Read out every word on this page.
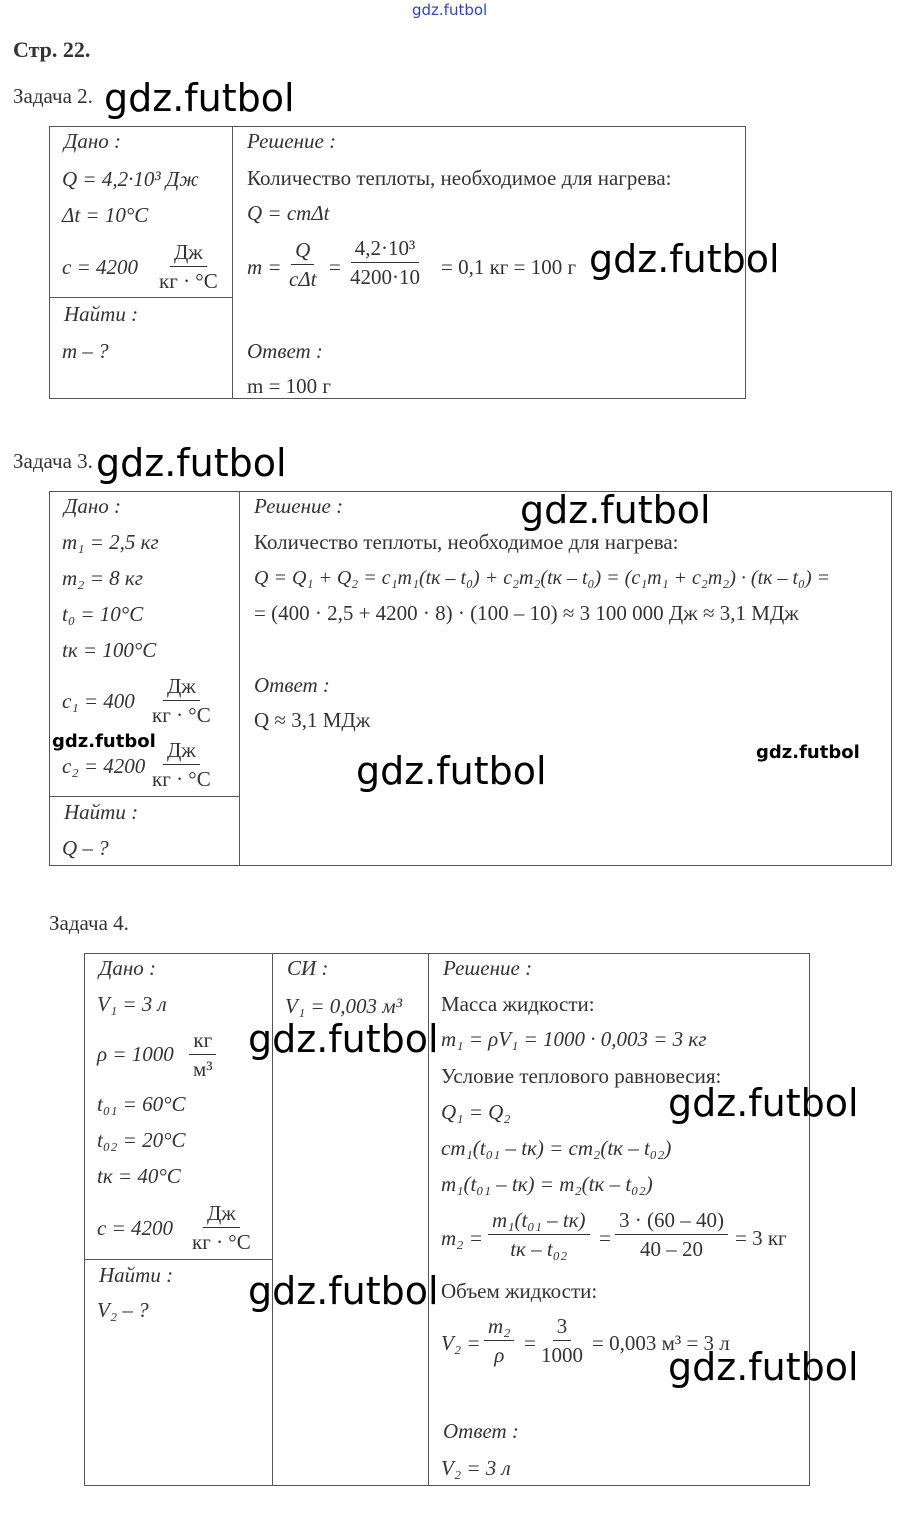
gdz.futbol
Стр. 22.
Задача 2. gdz.futbol
Дано :
Q = 4,2·10³ Дж
Δt = 10°C
c = 4200
Дж
кг · °C
Найти :
m – ?
Решение :
Количество теплоты, необходимое для нагрева:
Q = cmΔt
m =
Q
$c\Delta t = \frac{\text{4,2·10³}}{4200\cdot 10} = 0,1$ кг = 100 г gdz.futbol
Ответ :
m = 100 г
Задача 3. gdz.futbol
Дано :
m₁ = 2,5 кг
m₂ = 8 кг
t₀ = 10°C
tк = 100°C
c₁ = 400
Дж
кг · °C
gdz.futbol
c₂ = 4200
Дж
кг · °C
Найти :
Q – ?
Решение :	gdz.futbol
Количество теплоты, необходимое для нагрева:
Q = Q₁ + Q₂ = c₁m₁(tк – t₀) + c₂m₂(tк – t₀) = (c₁m₁ + c₂m₂) · (tк – t₀) =
= (400 · 2,5 + 4200 · 8) · (100 – 10) ≈ 3 100 000 Дж ≈ 3,1 МДж
Ответ :
Q ≈ 3,1 МДж
gdz.futbol
gdz.futbol
Задача 4.
Дано :
V₁ = 3 л
ρ = 1000
кг
м³
t₀₁ = 60°C
t₀₂ = 20°C
tк = 40°C
c = 4200
Дж
кг · °C
Найти :
V₂ – ?
СИ :
V₁ = 0,003 м³
gdz.futbol
gdz.futbol
Решение :
Масса жидкости:
m₁ = ρV₁ = 1000 · 0,003 = 3 кг
Условие теплового равновесия:
Q₁ = Q₂
cm₁(t₀₁ – tк) = cm₂(tк – t₀₂)
m₁(t₀₁ – tк) = m₂(tк – t₀₂)
m₂ =
m₁(t₀₁ – tк)
tк – $t_{02} = \frac{3 \cdot (60 - 40)}{40 - 20} = 3$ кг
Объем жидкости:
$V_2 = \frac{\text{m₂}}{\rho} = \frac{3}{1000} = 0,003$ м³ = 3 л
gdz.futbol
gdz.futbol
Ответ :
V₂ = 3 л
